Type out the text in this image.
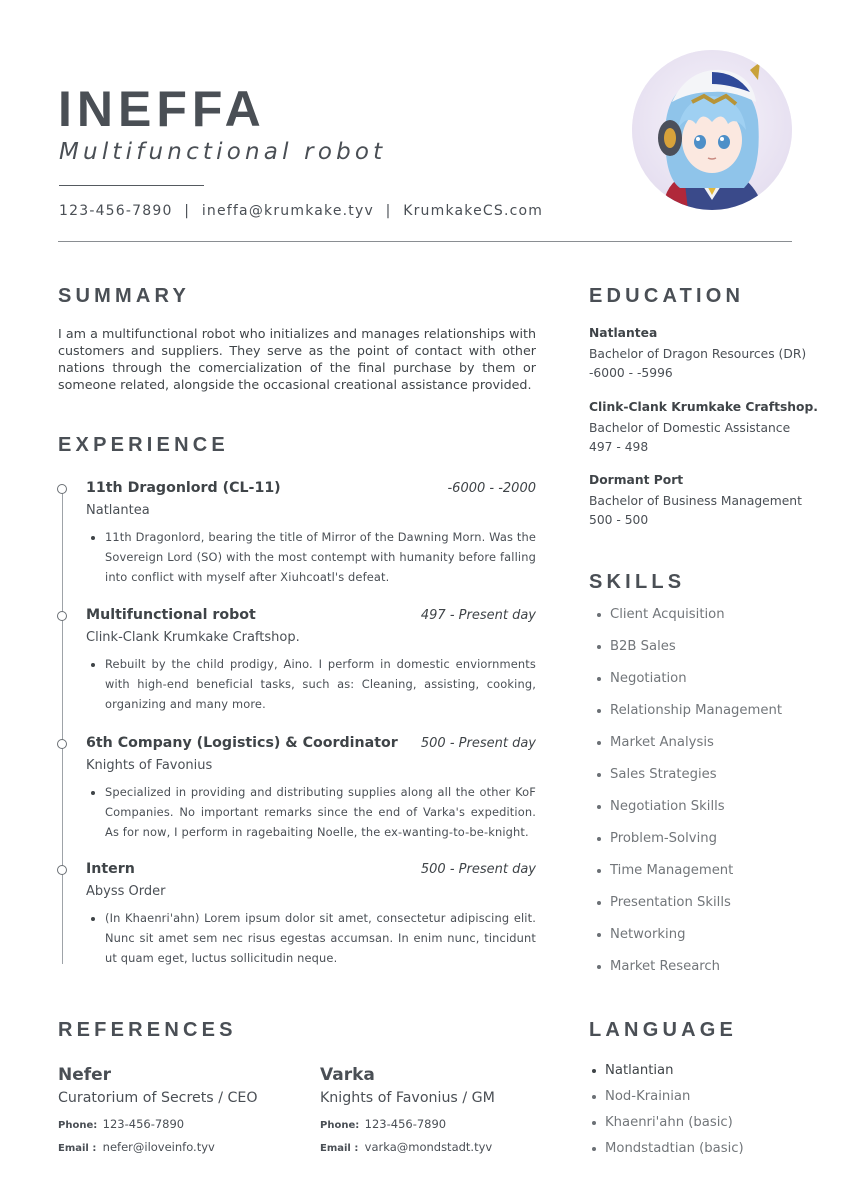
INEFFA
Multifunctional robot
123-456-7890 | ineffa@krumkake.tyv | KrumkakeCS.com
SUMMARY
I am a multifunctional robot who initializes and manages relationships with customers and suppliers. They serve as the point of contact with other nations through the comercialization of the final purchase by them or someone related, alongside the occasional creational assistance provided.
EXPERIENCE
11th Dragonlord (CL-11)	-6000 - -2000
Natlantea
11th Dragonlord, bearing the title of Mirror of the Dawning Morn. Was the Sovereign Lord (SO) with the most contempt with humanity before falling into conflict with myself after Xiuhcoatl's defeat.
Multifunctional robot	497 - Present day
Clink-Clank Krumkake Craftshop.
Rebuilt by the child prodigy, Aino. I perform in domestic enviornments with high-end beneficial tasks, such as: Cleaning, assisting, cooking, organizing and many more.
6th Company (Logistics) & Coordinator 500 - Present day
Knights of Favonius
Specialized in providing and distributing supplies along all the other KoF Companies. No important remarks since the end of Varka's expedition. As for now, I perform in ragebaiting Noelle, the ex-wanting-to-be-knight.
Intern	500 - Present day
Abyss Order
(In Khaenri'ahn) Lorem ipsum dolor sit amet, consectetur adipiscing elit. Nunc sit amet sem nec risus egestas accumsan. In enim nunc, tincidunt ut quam eget, luctus sollicitudin neque.
EDUCATION
Natlantea
Bachelor of Dragon Resources (DR)
-6000 - -5996
Clink-Clank Krumkake Craftshop.
Bachelor of Domestic Assistance
497 - 498
Dormant Port
Bachelor of Business Management
500 - 500
SKILLS
Client Acquisition
B2B Sales
Negotiation
Relationship Management
Market Analysis
Sales Strategies
Negotiation Skills
Problem-Solving
Time Management
Presentation Skills
Networking
Market Research
REFERENCES
Nefer
Curatorium of Secrets / CEO
Phone: 123-456-7890
Email : nefer@iloveinfo.tyv
Varka
Knights of Favonius / GM
Phone: 123-456-7890
Email : varka@mondstadt.tyv
LANGUAGE
Natlantian
Nod-Krainian
Khaenri'ahn (basic)
Mondstadtian (basic)
